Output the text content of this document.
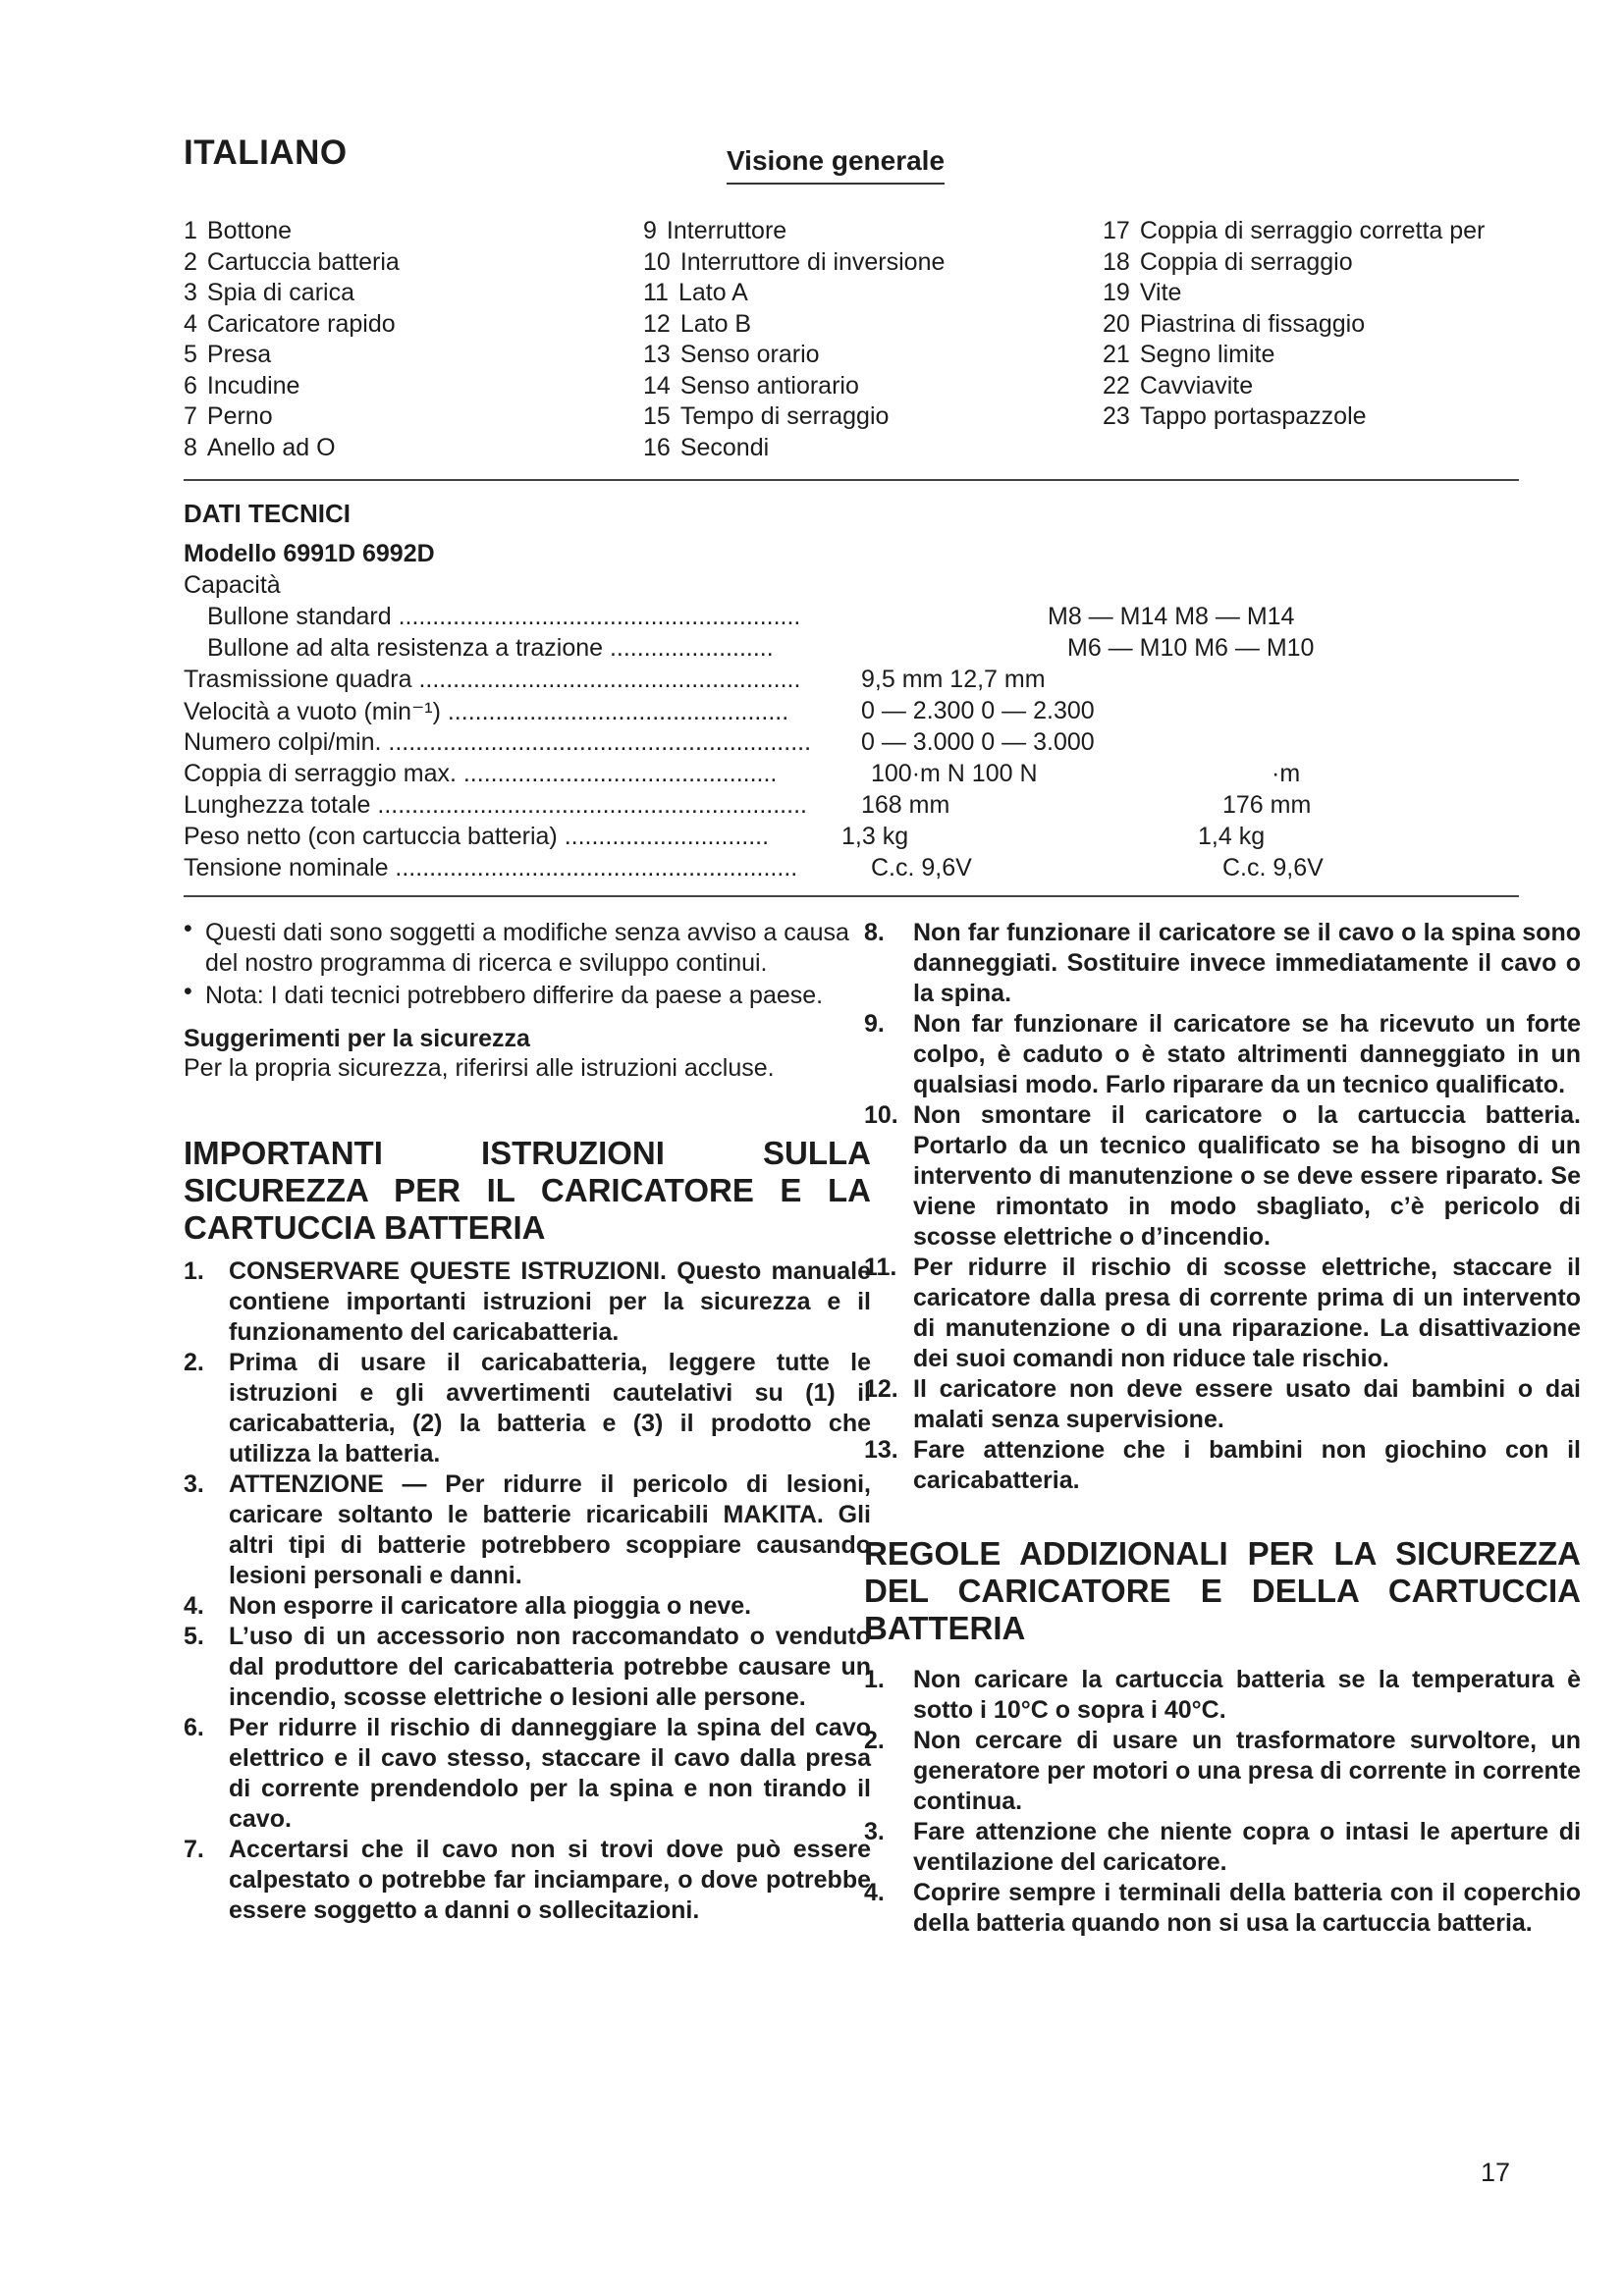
ITALIANO	Visione generale
1 Bottone
2 Cartuccia batteria
3 Spia di carica
4 Caricatore rapido
5 Presa
6 Incudine
7 Perno
8 Anello ad O
9 Interruttore
10 Interruttore di inversione
11 Lato A
12 Lato B
13 Senso orario
14 Senso antiorario
15 Tempo di serraggio
16 Secondi
17 Coppia di serraggio corretta per
18 Coppia di serraggio
19 Vite
20 Piastrina di fissaggio
21 Segno limite
22 Cavviavite
23 Tappo portaspazzole
DATI TECNICI
Modello 6991D 6992D
Capacità
Bullone standard ...........................................................	M8 — M14 M8 — M14
Bullone ad alta resistenza a trazione ........................	M6 — M10 M6 — M10
Trasmissione quadra ........................................................	9,5 mm 12,7 mm
Velocità a vuoto (min⁻¹) ..................................................	0 — 2.300 0 — 2.300
Numero colpi/min. ..............................................................	0 — 3.000 0 — 3.000
Coppia di serraggio max. ..............................................	100·m N 100 N	·m
Lunghezza totale ...............................................................	168 mm	176 mm
Peso netto (con cartuccia batteria) ..............................	1,3 kg	1,4 kg
Tensione nominale ...........................................................	C.c. 9,6V	C.c. 9,6V

• Questi dati sono soggetti a modifiche senza avviso a causa del nostro programma di ricerca e sviluppo continui.

• Nota: I dati tecnici potrebbero differire da paese a paese.

Suggerimenti per la sicurezza

Per la propria sicurezza, riferirsi alle istruzioni accluse.

IMPORTANTI ISTRUZIONI SULLA SICUREZZA PER IL CARICATORE E LA CARTUCCIA BATTERIA
1. CONSERVARE QUESTE ISTRUZIONI. Questo manuale contiene importanti istruzioni per la sicurezza e il funzionamento del caricabatteria.
2. Prima di usare il caricabatteria, leggere tutte le istruzioni e gli avvertimenti cautelativi su (1) il caricabatteria, (2) la batteria e (3) il prodotto che utilizza la batteria.
3. ATTENZIONE — Per ridurre il pericolo di lesioni, caricare soltanto le batterie ricaricabili MAKITA. Gli altri tipi di batterie potrebbero scoppiare causando lesioni personali e danni.
4. Non esporre il caricatore alla pioggia o neve.
5. L’uso di un accessorio non raccomandato o venduto dal produttore del caricabatteria potrebbe causare un incendio, scosse elettriche o lesioni alle persone.
6. Per ridurre il rischio di danneggiare la spina del cavo elettrico e il cavo stesso, staccare il cavo dalla presa di corrente prendendolo per la spina e non tirando il cavo.
7. Accertarsi che il cavo non si trovi dove può essere calpestato o potrebbe far inciampare, o dove potrebbe essere soggetto a danni o sollecitazioni.
8. Non far funzionare il caricatore se il cavo o la spina sono danneggiati. Sostituire invece immediatamente il cavo o la spina.
9. Non far funzionare il caricatore se ha ricevuto un forte colpo, è caduto o è stato altrimenti danneggiato in un qualsiasi modo. Farlo riparare da un tecnico qualificato.
10. Non smontare il caricatore o la cartuccia batteria. Portarlo da un tecnico qualificato se ha bisogno di un intervento di manutenzione o se deve essere riparato. Se viene rimontato in modo sbagliato, c’è pericolo di scosse elettriche o d’incendio.
11. Per ridurre il rischio di scosse elettriche, staccare il caricatore dalla presa di corrente prima di un intervento di manutenzione o di una riparazione. La disattivazione dei suoi comandi non riduce tale rischio.
12. Il caricatore non deve essere usato dai bambini o dai malati senza supervisione.
13. Fare attenzione che i bambini non giochino con il caricabatteria.
REGOLE ADDIZIONALI PER LA SICUREZZA DEL CARICATORE E DELLA CARTUCCIA BATTERIA
1. Non caricare la cartuccia batteria se la temperatura è sotto i 10°C o sopra i 40°C.
2. Non cercare di usare un trasformatore survoltore, un generatore per motori o una presa di corrente in corrente continua.
3. Fare attenzione che niente copra o intasi le aperture di ventilazione del caricatore.
4. Coprire sempre i terminali della batteria con il coperchio della batteria quando non si usa la cartuccia batteria.
17
